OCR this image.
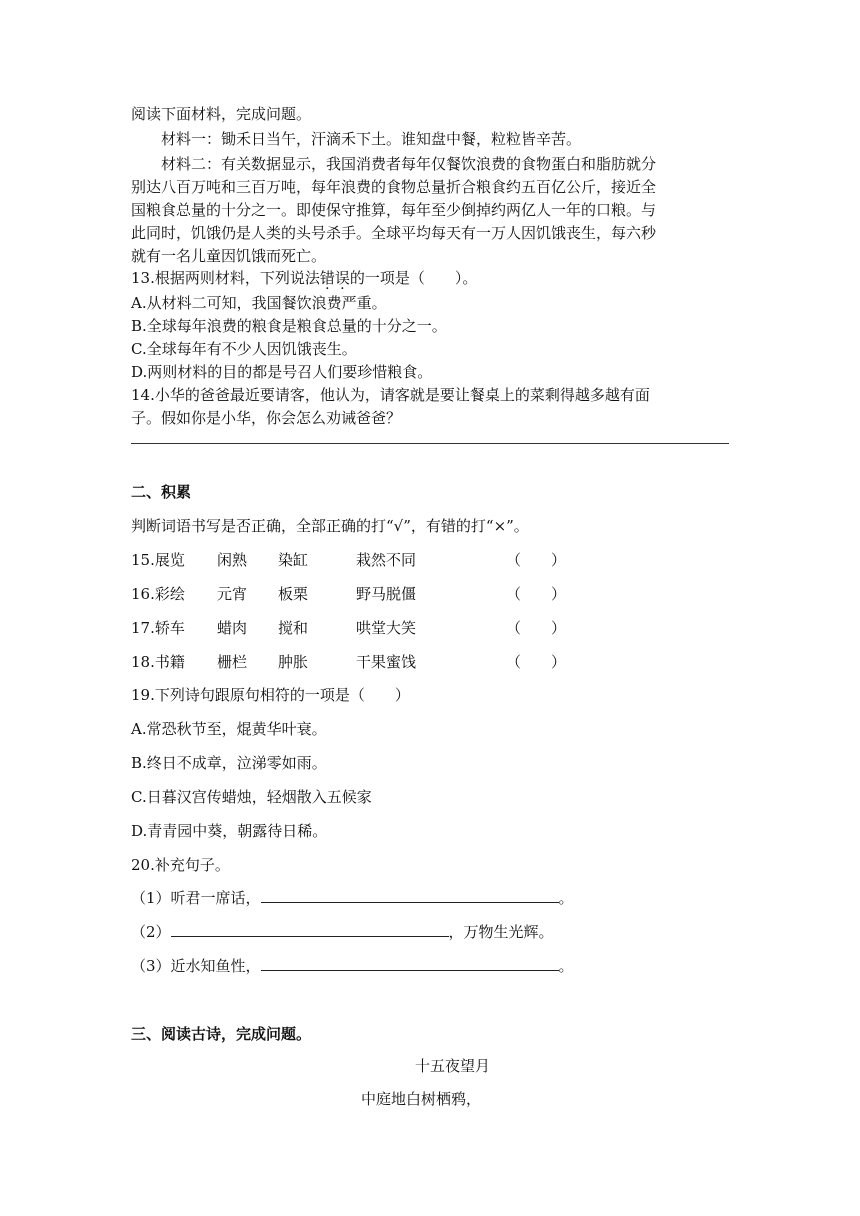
阅读下面材料，完成问题。
材料一：锄禾日当午，汗滴禾下土。谁知盘中餐，粒粒皆辛苦。
材料二：有关数据显示，我国消费者每年仅餐饮浪费的食物蛋白和脂肪就分
别达八百万吨和三百万吨，每年浪费的食物总量折合粮食约五百亿公斤，接近全
国粮食总量的十分之一。即使保守推算，每年至少倒掉约两亿人一年的口粮。与
此同时，饥饿仍是人类的头号杀手。全球平均每天有一万人因饥饿丧生，每六秒
就有一名儿童因饥饿而死亡。
13.根据两则材料，下列说法错误的一项是（　　）。
A.从材料二可知，我国餐饮浪费严重。
B.全球每年浪费的粮食是粮食总量的十分之一。
C.全球每年有不少人因饥饿丧生。
D.两则材料的目的都是号召人们要珍惜粮食。
14.小华的爸爸最近要请客，他认为，请客就是要让餐桌上的菜剩得越多越有面
子。假如你是小华，你会怎么劝诫爸爸？
二、积累
判断词语书写是否正确，全部正确的打“√”，有错的打“×”。
15.展览 闲熟 染缸	栽然不同	（　　）
16.彩绘 元宵 板栗	野马脱僵	（　　）
17.轿车 蜡肉 搅和	哄堂大笑	（　　）
18.书籍 栅栏 肿胀	干果蜜饯	（　　）
19.下列诗句跟原句相符的一项是（　　）
A.常恐秋节至，焜黄华叶衰。
B.终日不成章，泣涕零如雨。
C.日暮汉宫传蜡烛，轻烟散入五候家
D.青青园中葵，朝露待日稀。
20.补充句子。
（1）听君一席话，	。
（2）	，万物生光辉。
（3）近水知鱼性，	。
三、阅读古诗，完成问题。
十五夜望月
中庭地白树栖鸦，
